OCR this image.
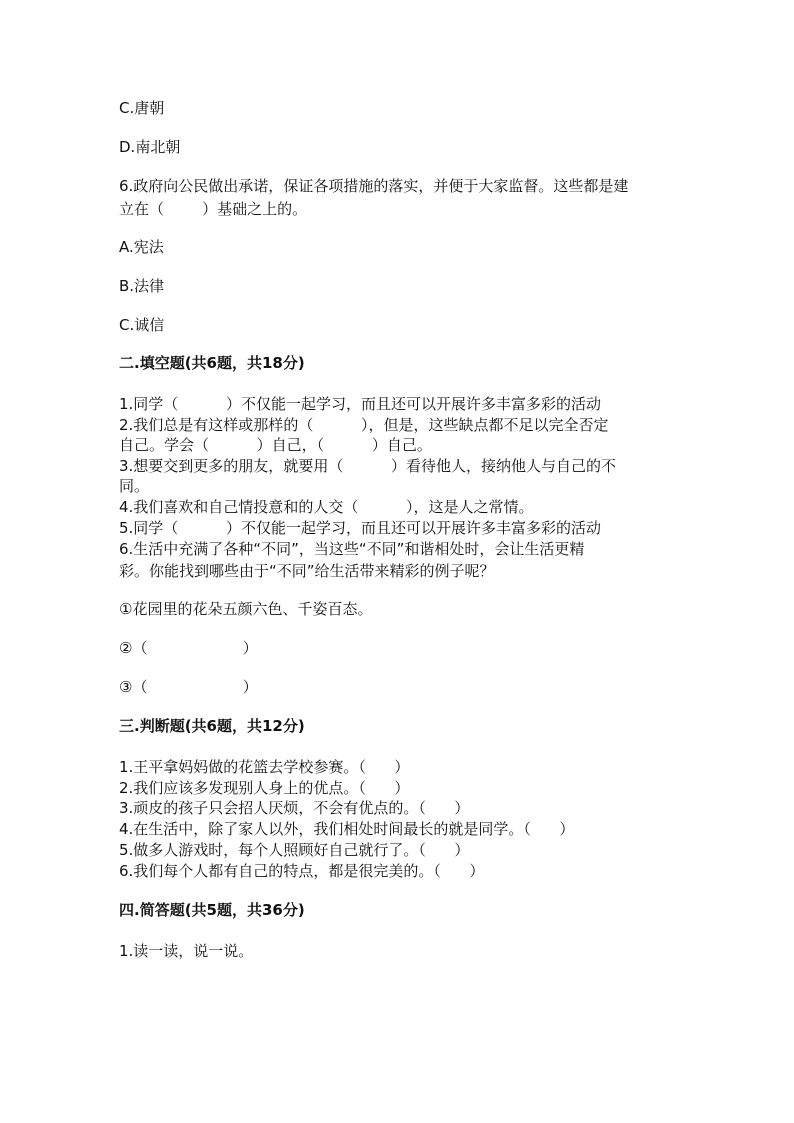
C.唐朝
D.南北朝
6.政府向公民做出承诺，保证各项措施的落实，并便于大家监督。这些都是建
立在（        ）基础之上的。
A.宪法
B.法律
C.诚信
二.填空题(共6题，共18分)
1.同学（          ）不仅能一起学习，而且还可以开展许多丰富多彩的活动
2.我们总是有这样或那样的（          ），但是，这些缺点都不足以完全否定
自己。学会（          ）自己，（          ）自己。
3.想要交到更多的朋友，就要用（          ）看待他人，接纳他人与自己的不
同。
4.我们喜欢和自己情投意和的人交（          ），这是人之常情。
5.同学（          ）不仅能一起学习，而且还可以开展许多丰富多彩的活动
6.生活中充满了各种“不同”，当这些“不同”和谐相处时，会让生活更精
彩。你能找到哪些由于“不同”给生活带来精彩的例子呢？
①花园里的花朵五颜六色、千姿百态。
②（                    ）
③（                    ）
三.判断题(共6题，共12分)
1.王平拿妈妈做的花篮去学校参赛。（      ）
2.我们应该多发现别人身上的优点。（      ）
3.顽皮的孩子只会招人厌烦，不会有优点的。（      ）
4.在生活中，除了家人以外，我们相处时间最长的就是同学。（      ）
5.做多人游戏时，每个人照顾好自己就行了。（      ）
6.我们每个人都有自己的特点，都是很完美的。（      ）
四.简答题(共5题，共36分)
1.读一读，说一说。
